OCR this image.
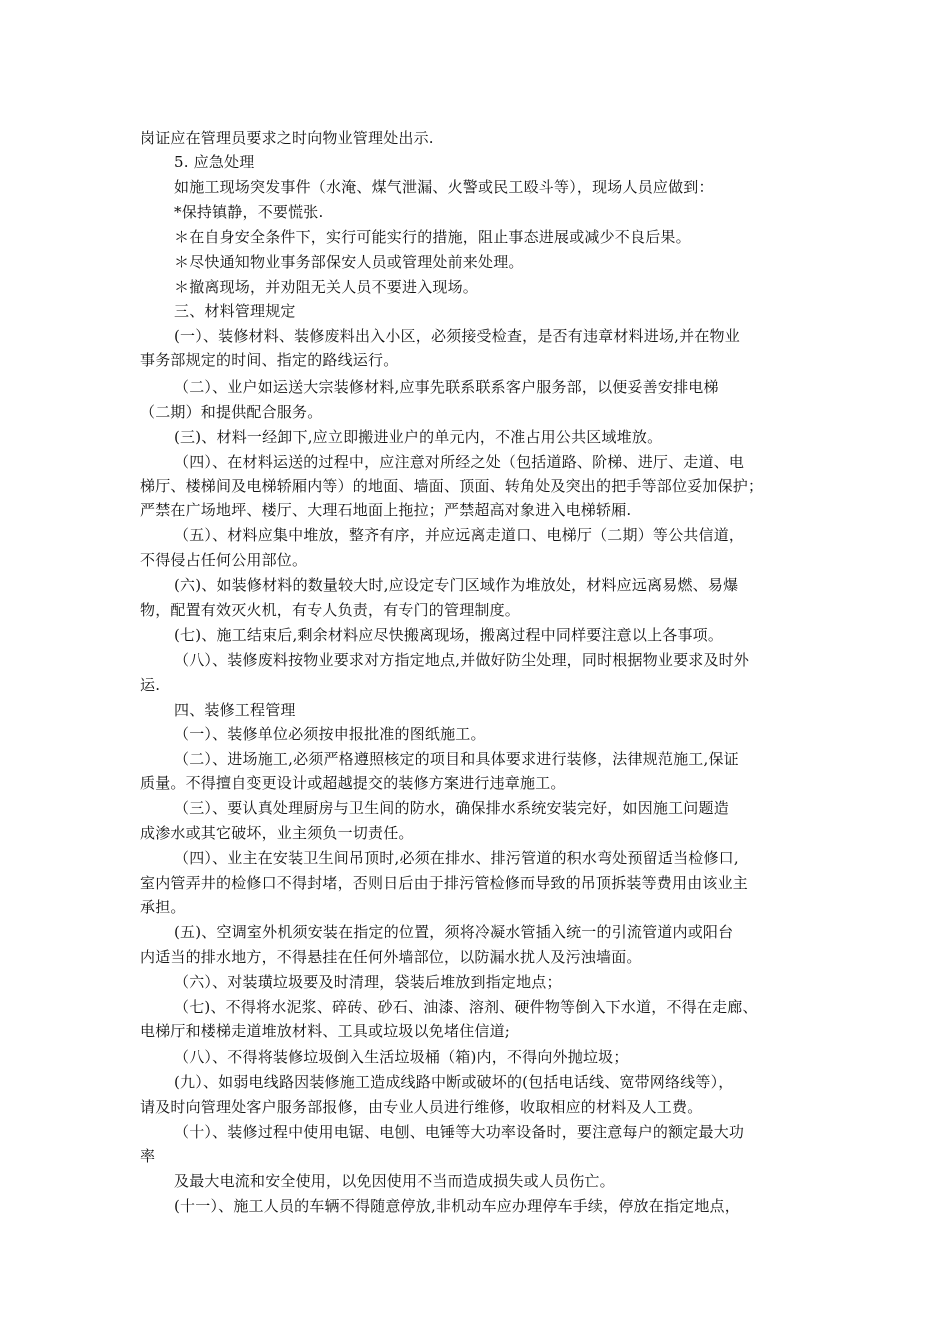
岗证应在管理员要求之时向物业管理处出示.
5. 应急处理
如施工现场突发事件（水淹、煤气泄漏、火警或民工殴斗等），现场人员应做到：
*保持镇静，不要慌张.
＊在自身安全条件下，实行可能实行的措施，阻止事态进展或减少不良后果。
＊尽快通知物业事务部保安人员或管理处前来处理。
＊撤离现场，并劝阻无关人员不要进入现场。
三、材料管理规定
(一）、装修材料、装修废料出入小区，必须接受检查，是否有违章材料进场,并在物业
事务部规定的时间、指定的路线运行。
（二）、业户如运送大宗装修材料,应事先联系联系客户服务部，以便妥善安排电梯
（二期）和提供配合服务。
(三)、材料一经卸下,应立即搬进业户的单元内，不准占用公共区域堆放。
（四）、在材料运送的过程中，应注意对所经之处（包括道路、阶梯、进厅、走道、电
梯厅、楼梯间及电梯轿厢内等）的地面、墙面、顶面、转角处及突出的把手等部位妥加保护；
严禁在广场地坪、楼厅、大理石地面上拖拉；严禁超高对象进入电梯轿厢.
（五）、材料应集中堆放，整齐有序，并应远离走道口、电梯厅（二期）等公共信道，
不得侵占任何公用部位。
(六)、如装修材料的数量较大时,应设定专门区域作为堆放处，材料应远离易燃、易爆
物，配置有效灭火机，有专人负责，有专门的管理制度。
(七)、施工结束后,剩余材料应尽快搬离现场，搬离过程中同样要注意以上各事项。
（八）、装修废料按物业要求对方指定地点,并做好防尘处理，同时根据物业要求及时外
运.
四、装修工程管理
（一）、装修单位必须按申报批准的图纸施工。
（二）、进场施工,必须严格遵照核定的项目和具体要求进行装修，法律规范施工,保证
质量。不得擅自变更设计或超越提交的装修方案进行违章施工。
（三）、要认真处理厨房与卫生间的防水，确保排水系统安装完好，如因施工问题造
成渗水或其它破坏，业主须负一切责任。
（四）、业主在安装卫生间吊顶时,必须在排水、排污管道的积水弯处预留适当检修口,
室内管弄井的检修口不得封堵，否则日后由于排污管检修而导致的吊顶拆装等费用由该业主
承担。
(五)、空调室外机须安装在指定的位置，须将冷凝水管插入统一的引流管道内或阳台
内适当的排水地方，不得悬挂在任何外墙部位，以防漏水扰人及污浊墙面。
（六）、对装璜垃圾要及时清理，袋装后堆放到指定地点；
（七)、不得将水泥浆、碎砖、砂石、油漆、溶剂、硬件物等倒入下水道，不得在走廊、
电梯厅和楼梯走道堆放材料、工具或垃圾以免堵住信道;
（八）、不得将装修垃圾倒入生活垃圾桶（箱)内，不得向外抛垃圾；
(九）、如弱电线路因装修施工造成线路中断或破坏的(包括电话线、宽带网络线等），
请及时向管理处客户服务部报修，由专业人员进行维修，收取相应的材料及人工费。
（十）、装修过程中使用电锯、电刨、电锤等大功率设备时，要注意每户的额定最大功
率
及最大电流和安全使用，以免因使用不当而造成损失或人员伤亡。
(十一）、施工人员的车辆不得随意停放,非机动车应办理停车手续，停放在指定地点，
